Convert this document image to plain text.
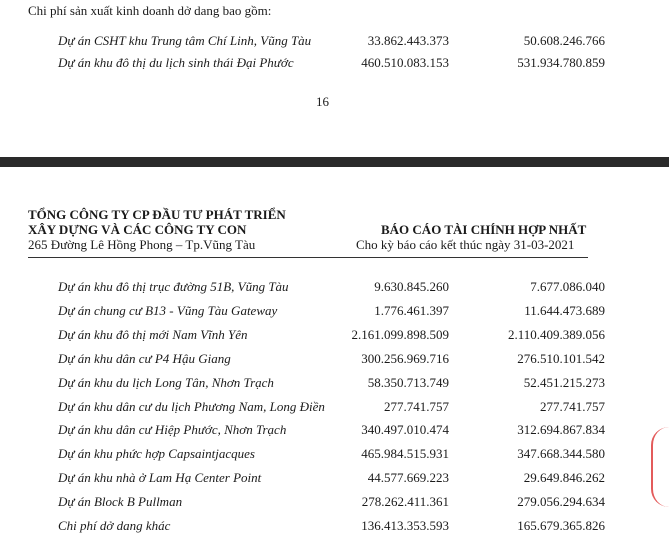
Chi phí sản xuất kinh doanh dở dang bao gồm:
Dự án CSHT khu Trung tâm Chí Linh, Vũng Tàu	33.862.443.373	50.608.246.766
Dự án khu đô thị du lịch sinh thái Đại Phước	460.510.083.153	531.934.780.859
16
TỔNG CÔNG TY CP ĐẦU TƯ PHÁT TRIỂN
XÂY DỰNG VÀ CÁC CÔNG TY CON
265 Đường Lê Hồng Phong – Tp.Vũng Tàu
BÁO CÁO TÀI CHÍNH HỢP NHẤT
Cho kỳ báo cáo kết thúc ngày 31-03-2021
Dự án khu đô thị trục đường 51B, Vũng Tàu	9.630.845.260	7.677.086.040
Dự án chung cư B13 - Vũng Tàu Gateway	1.776.461.397	11.644.473.689
Dự án khu đô thị mới Nam Vĩnh Yên	2.161.099.898.509	2.110.409.389.056
Dự án khu dân cư P4 Hậu Giang	300.256.969.716	276.510.101.542
Dự án khu du lịch Long Tân, Nhơn Trạch	58.350.713.749	52.451.215.273
Dự án khu dân cư du lịch Phương Nam, Long Điền	277.741.757	277.741.757
Dự án khu dân cư Hiệp Phước, Nhơn Trạch	340.497.010.474	312.694.867.834
Dự án khu phức hợp Capsaintjacques	465.984.515.931	347.668.344.580
Dự án khu nhà ở Lam Hạ Center Point	44.577.669.223	29.649.846.262
Dự án Block B Pullman	278.262.411.361	279.056.294.634
Chi phí dở dang khác	136.413.353.593	165.679.365.826
